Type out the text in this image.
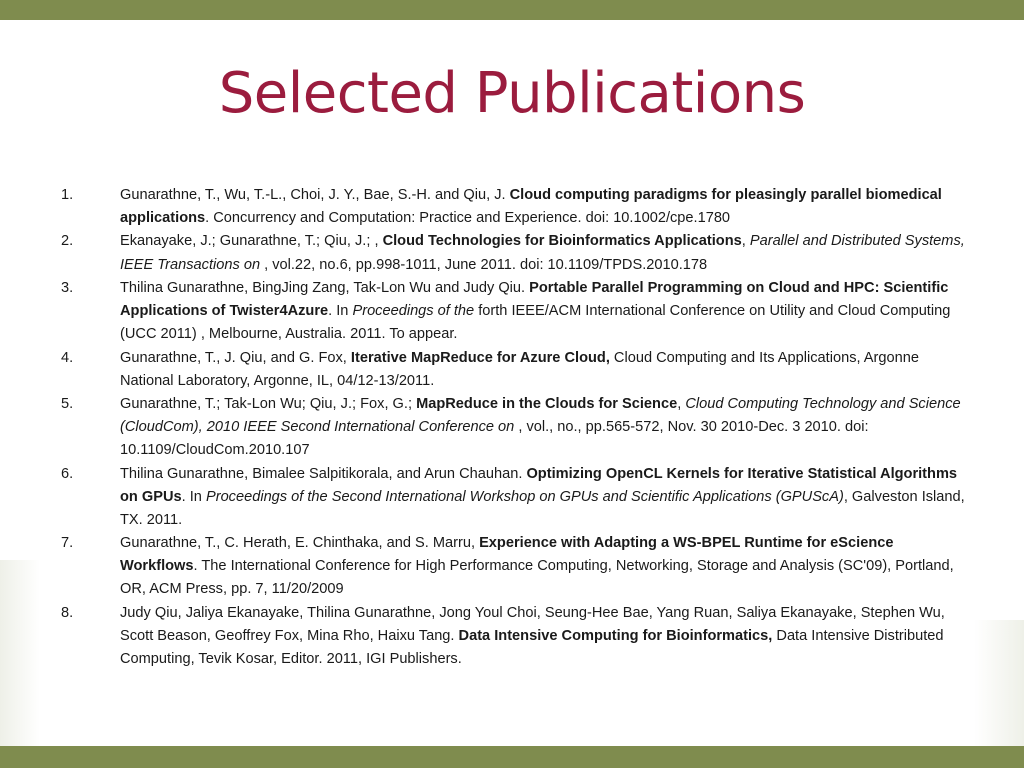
Selected Publications
1.	Gunarathne, T., Wu, T.-L., Choi, J. Y., Bae, S.-H. and Qiu, J. Cloud computing paradigms for pleasingly parallel biomedical applications. Concurrency and Computation: Practice and Experience. doi: 10.1002/cpe.1780
2.	Ekanayake, J.; Gunarathne, T.; Qiu, J.; , Cloud Technologies for Bioinformatics Applications, Parallel and Distributed Systems, IEEE Transactions on , vol.22, no.6, pp.998-1011, June 2011. doi: 10.1109/TPDS.2010.178
3.	Thilina Gunarathne, BingJing Zang, Tak-Lon Wu and Judy Qiu. Portable Parallel Programming on Cloud and HPC: Scientific Applications of Twister4Azure. In Proceedings of the forth IEEE/ACM International Conference on Utility and Cloud Computing (UCC 2011) , Melbourne, Australia. 2011. To appear.
4.	Gunarathne, T., J. Qiu, and G. Fox, Iterative MapReduce for Azure Cloud, Cloud Computing and Its Applications, Argonne National Laboratory, Argonne, IL, 04/12-13/2011.
5.	Gunarathne, T.; Tak-Lon Wu; Qiu, J.; Fox, G.; MapReduce in the Clouds for Science, Cloud Computing Technology and Science (CloudCom), 2010 IEEE Second International Conference on , vol., no., pp.565-572, Nov. 30 2010-Dec. 3 2010. doi: 10.1109/CloudCom.2010.107
6.	Thilina Gunarathne, Bimalee Salpitikorala, and Arun Chauhan. Optimizing OpenCL Kernels for Iterative Statistical Algorithms on GPUs. In Proceedings of the Second International Workshop on GPUs and Scientific Applications (GPUScA), Galveston Island, TX. 2011.
7.	Gunarathne, T., C. Herath, E. Chinthaka, and S. Marru, Experience with Adapting a WS-BPEL Runtime for eScience Workflows. The International Conference for High Performance Computing, Networking, Storage and Analysis (SC'09), Portland, OR, ACM Press, pp. 7, 11/20/2009
8.	Judy Qiu, Jaliya Ekanayake, Thilina Gunarathne, Jong Youl Choi, Seung-Hee Bae, Yang Ruan, Saliya Ekanayake, Stephen Wu, Scott Beason, Geoffrey Fox, Mina Rho, Haixu Tang. Data Intensive Computing for Bioinformatics, Data Intensive Distributed Computing, Tevik Kosar, Editor. 2011, IGI Publishers.
